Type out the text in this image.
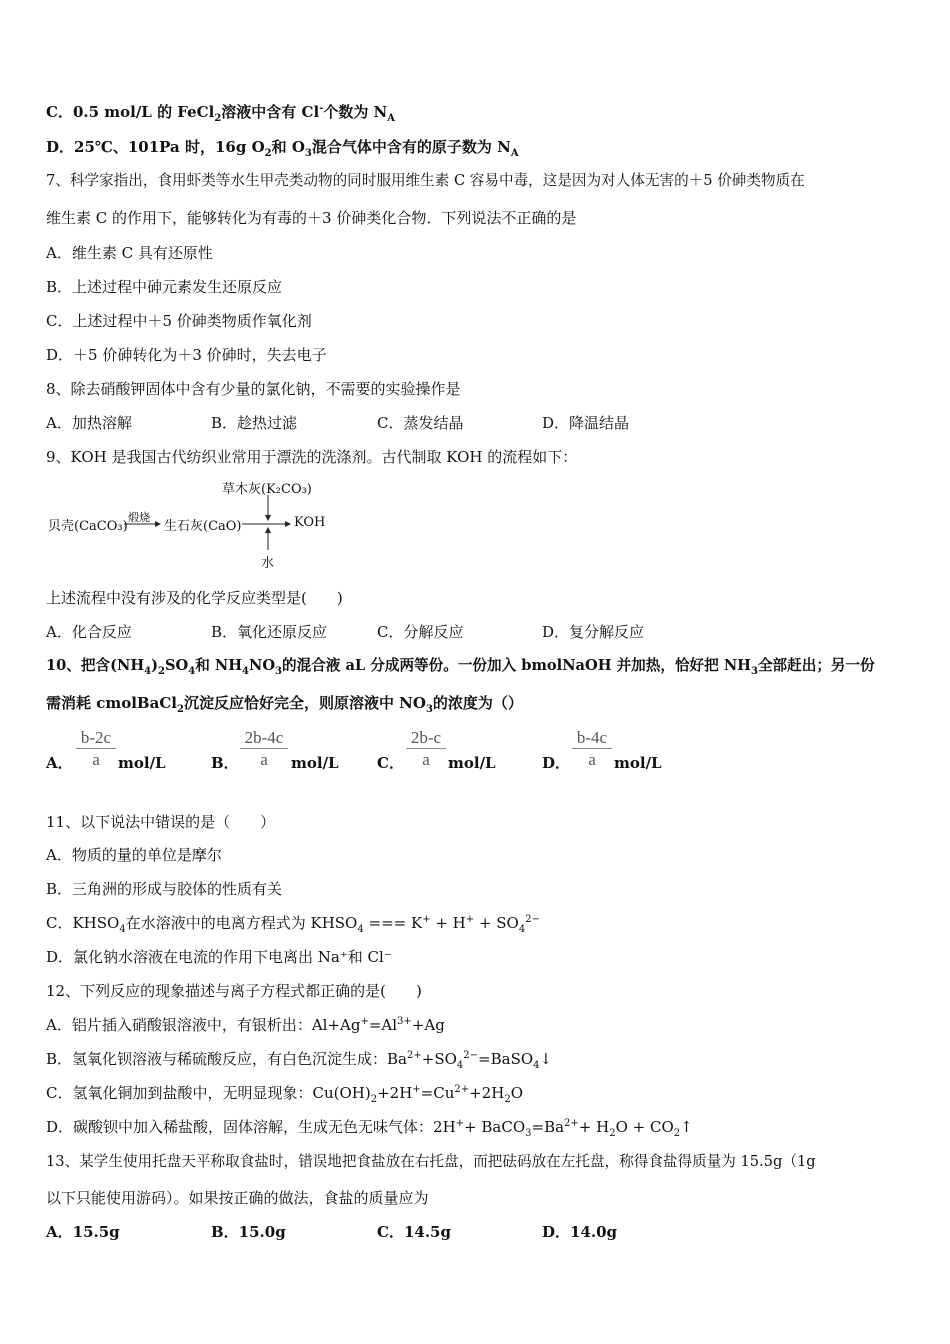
C．0.5 mol/L 的 FeCl$_2$溶液中含有 Cl-个数为 $N_A$
D．25℃、101Pa 时，16g $O_2$和 $O_3$混合气体中含有的原子数为 $N_A$
7、科学家指出，食用虾类等水生甲壳类动物的同时服用维生素 C 容易中毒，这是因为对人体无害的＋5 价砷类物质在
维生素 C 的作用下，能够转化为有毒的＋3 价砷类化合物．下列说法不正确的是
A．维生素 C 具有还原性
B．上述过程中砷元素发生还原反应
C．上述过程中＋5 价砷类物质作氧化剂
D．＋5 价砷转化为＋3 价砷时，失去电子
8、除去硝酸钾固体中含有少量的氯化钠，不需要的实验操作是
A．加热溶解	B．趁热过滤	C．蒸发结晶	D．降温结晶
9、KOH 是我国古代纺织业常用于漂洗的洗涤剂。古代制取 KOH 的流程如下：
草木灰(K₂CO₃)
贝壳(CaCO₃)
煅烧
生石灰(CaO)	KOH
水
上述流程中没有涉及的化学反应类型是(　　)
A．化合反应	B．氧化还原反应	C．分解反应	D．复分解反应
10、把含$(NH_4)_2SO_4$和 $NH_4NO_3$的混合液 aL 分成两等份。一份加入 bmolNaOH 并加热，恰好把 $NH_3$全部赶出；另一份
需消耗 cmolBaCl$_2$沉淀反应恰好完全，则原溶液中 $NO_3$的浓度为（）
A． $\frac{b-2c}{a} mol/L$	B． $\frac{2b-4c}{a} mol/L$	C． $\frac{2b-c}{a} mol/L$	D． $\frac{b-4c}{a} mol/L$
11、以下说法中错误的是（　　）
A．物质的量的单位是摩尔
B．三角洲的形成与胶体的性质有关
C．$KHSO_4$在水溶液中的电离方程式为 $KHSO_4$ === $K^+ + H^+ + SO_4^{2-}$
D．氯化钠水溶液在电流的作用下电离出 Na⁺和 Cl⁻
12、下列反应的现象描述与离子方程式都正确的是(　　)
A．铝片插入硝酸银溶液中，有银析出：$Al+Ag^+=Al^{3+}+Ag$
B．氢氧化钡溶液与稀硫酸反应，有白色沉淀生成：$Ba^{2+}+SO_4^{2-}=BaSO_4↓$
C．氢氧化铜加到盐酸中，无明显现象：$Cu(OH)_2+2H^+=Cu^{2+}+2H_2O$
D．碳酸钡中加入稀盐酸，固体溶解，生成无色无味气体：$2H^++ BaCO_3=Ba^{2+}+ H_2O$ + $CO_2↑$
13、某学生使用托盘天平称取食盐时，错误地把食盐放在右托盘，而把砝码放在左托盘，称得食盐得质量为 15.5g（1g
以下只能使用游码）。如果按正确的做法，食盐的质量应为
A．15.5g	B．15.0g	C．14.5g	D．14.0g
